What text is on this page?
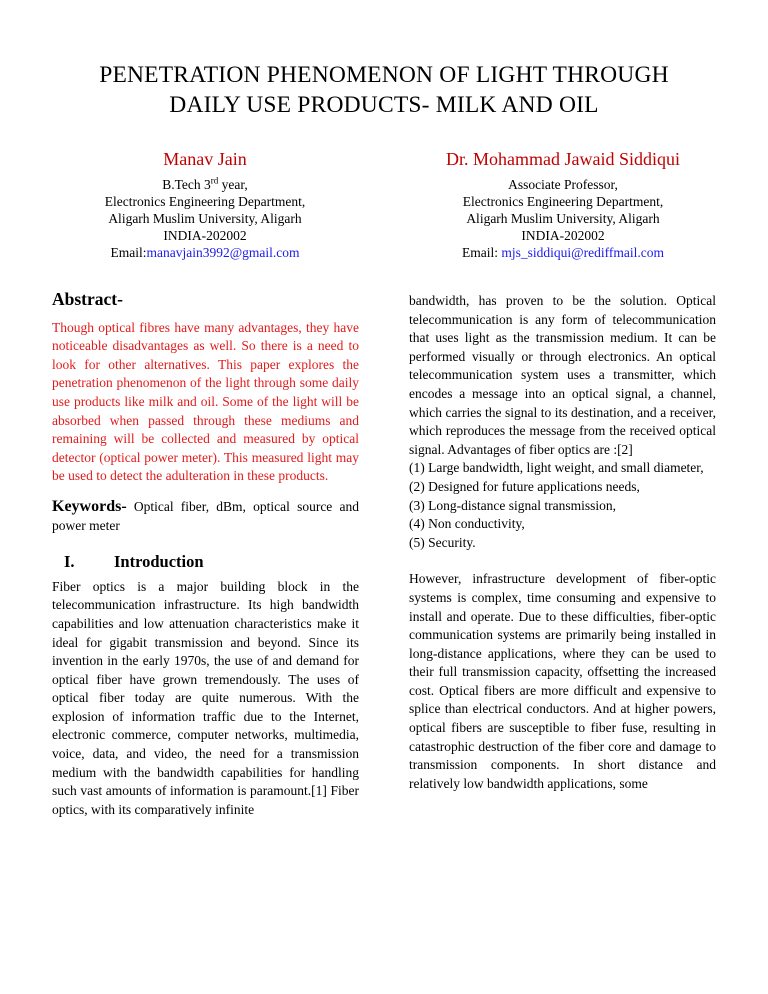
PENETRATION PHENOMENON OF LIGHT THROUGH
DAILY USE PRODUCTS- MILK AND OIL
Manav Jain
B.Tech 3rd year,
Electronics Engineering Department,
Aligarh Muslim University, Aligarh
INDIA-202002
Email:manavjain3992@gmail.com
Dr. Mohammad Jawaid Siddiqui
Associate Professor,
Electronics Engineering Department,
Aligarh Muslim University, Aligarh
INDIA-202002
Email: mjs_siddiqui@rediffmail.com
Abstract-
Though optical fibres have many advantages, they have noticeable disadvantages as well. So there is a need to look for other alternatives. This paper explores the penetration phenomenon of the light through some daily use products like milk and oil. Some of the light will be absorbed when passed through these mediums and remaining will be collected and measured by optical detector (optical power meter). This measured light may be used to detect the adulteration in these products.
Keywords- Optical fiber, dBm, optical source and power meter
I. Introduction
Fiber optics is a major building block in the telecommunication infrastructure. Its high bandwidth capabilities and low attenuation characteristics make it ideal for gigabit transmission and beyond. Since its invention in the early 1970s, the use of and demand for optical fiber have grown tremendously. The uses of optical fiber today are quite numerous. With the explosion of information traffic due to the Internet, electronic commerce, computer networks, multimedia, voice, data, and video, the need for a transmission medium with the bandwidth capabilities for handling such vast amounts of information is paramount.[1] Fiber optics, with its comparatively infinite
bandwidth, has proven to be the solution. Optical telecommunication is any form of telecommunication that uses light as the transmission medium. It can be performed visually or through electronics. An optical telecommunication system uses a transmitter, which encodes a message into an optical signal, a channel, which carries the signal to its destination, and a receiver, which reproduces the message from the received optical signal. Advantages of fiber optics are :[2]
(1) Large bandwidth, light weight, and small diameter,
(2) Designed for future applications needs,
(3) Long-distance signal transmission,
(4) Non conductivity,
(5) Security.
However, infrastructure development of fiber-optic systems is complex, time consuming and expensive to install and operate. Due to these difficulties, fiber-optic communication systems are primarily being installed in long-distance applications, where they can be used to their full transmission capacity, offsetting the increased cost. Optical fibers are more difficult and expensive to splice than electrical conductors. And at higher powers, optical fibers are susceptible to fiber fuse, resulting in catastrophic destruction of the fiber core and damage to transmission components. In short distance and relatively low bandwidth applications, some
